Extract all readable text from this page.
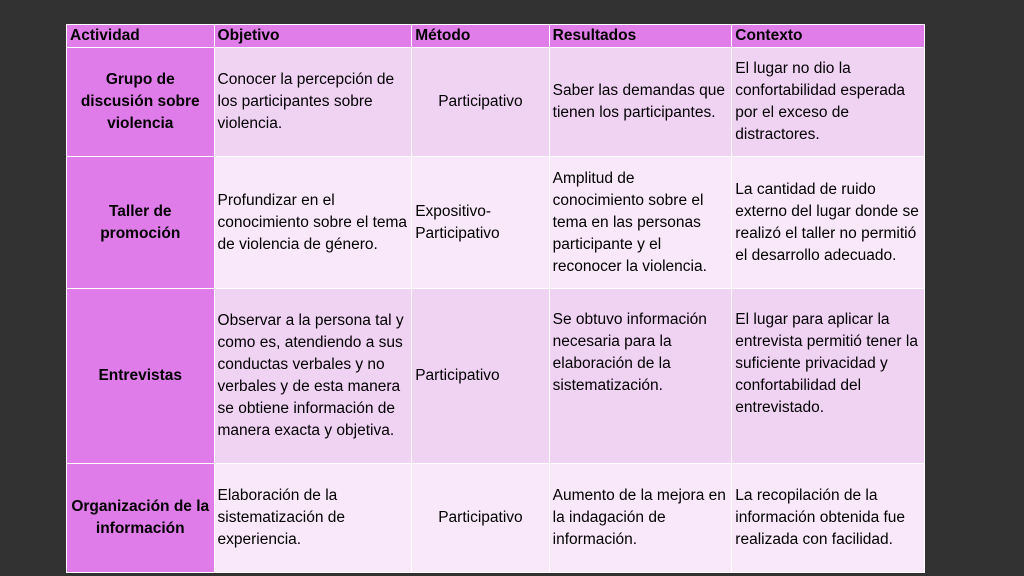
Actividad	Objetivo	Método	Resultados	Contexto
Grupo de discusión sobre violencia	Conocer la percepción de los participantes sobre violencia.	Participativo	Saber las demandas que tienen los participantes.	El lugar no dio la confortabilidad esperada por el exceso de distractores.
Taller de promoción	Profundizar en el conocimiento sobre el tema de violencia de género.	Expositivo-Participativo	Amplitud de conocimiento sobre el tema en las personas participante y el reconocer la violencia.	La cantidad de ruido externo del lugar donde se realizó el taller no permitió el desarrollo adecuado.
Entrevistas	Observar a la persona tal y como es, atendiendo a sus conductas verbales y no verbales y de esta manera se obtiene información de manera exacta y objetiva.	Participativo	Se obtuvo información necesaria para la elaboración de la sistematización.	El lugar para aplicar la entrevista permitió tener la suficiente privacidad y confortabilidad del entrevistado.
Organización de la información	Elaboración de la sistematización de experiencia.	Participativo	Aumento de la mejora en la indagación de información.	La recopilación de la información obtenida fue realizada con facilidad.
